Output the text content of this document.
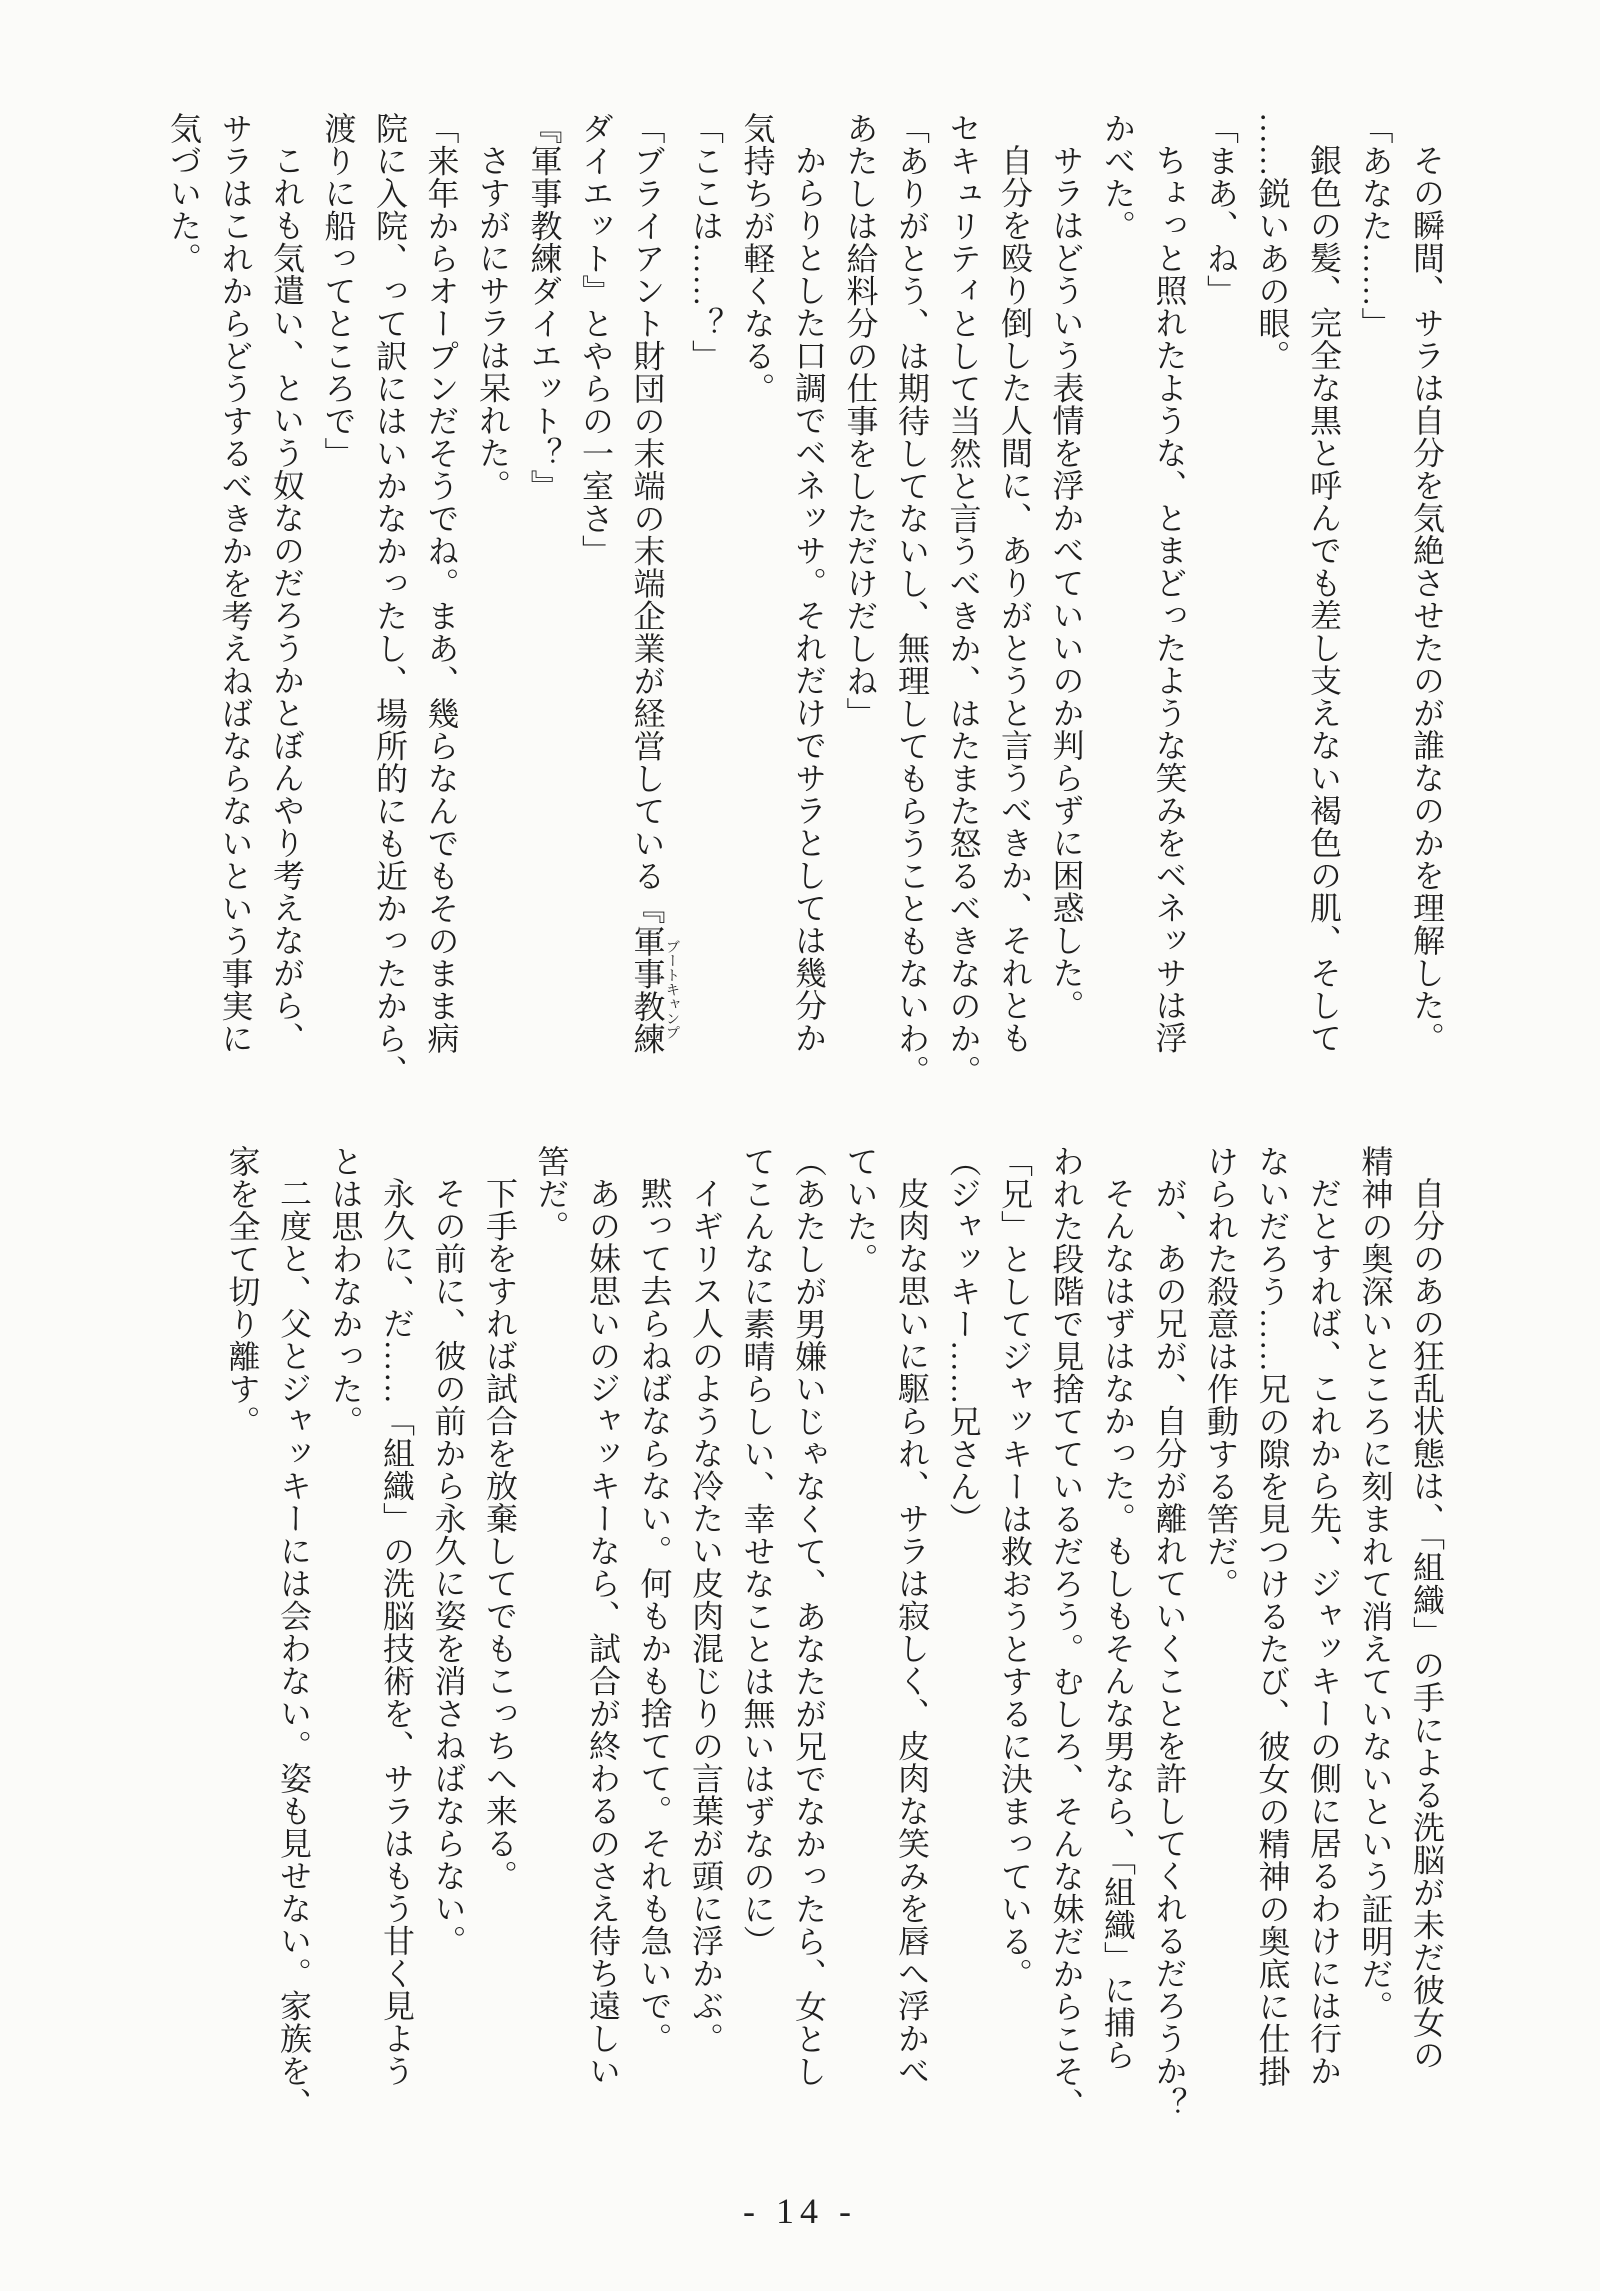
その瞬間、サラは自分を気絶させたのが誰なのかを理解した。
「あなた……」
銀色の髪、完全な黒と呼んでも差し支えない褐色の肌、そして
……鋭いあの眼。
「まあ、ね」
ちょっと照れたような、とまどったような笑みをベネッサは浮
かべた。
サラはどういう表情を浮かべていいのか判らずに困惑した。
自分を殴り倒した人間に、ありがとうと言うべきか、それとも
セキュリティとして当然と言うべきか、はたまた怒るべきなのか。
「ありがとう、は期待してないし、無理してもらうこともないわ。
あたしは給料分の仕事をしただけだしね」
からりとした口調でベネッサ。それだけでサラとしては幾分か
気持ちが軽くなる。
「ここは……？」
「ブライアント財団の末端の末端企業が経営している『軍事教練ブートキャンプ
ダイエット』とやらの一室さ」
『軍事教練ダイエット？』
さすがにサラは呆れた。
「来年からオープンだそうでね。まあ、幾らなんでもそのまま病
院に入院、って訳にはいかなかったし、場所的にも近かったから、
渡りに船ってところで」
これも気遣い、という奴なのだろうかとぼんやり考えながら、
サラはこれからどうするべきかを考えねばならないという事実に
気づいた。
自分のあの狂乱状態は、「組織」の手による洗脳が未だ彼女の
精神の奥深いところに刻まれて消えていないという証明だ。
だとすれば、これから先、ジャッキーの側に居るわけには行か
ないだろう……兄の隙を見つけるたび、彼女の精神の奥底に仕掛
けられた殺意は作動する筈だ。
が、あの兄が、自分が離れていくことを許してくれるだろうか？
そんなはずはなかった。もしもそんな男なら、「組織」に捕ら
われた段階で見捨てているだろう。むしろ、そんな妹だからこそ、
「兄」としてジャッキーは救おうとするに決まっている。
（ジャッキー……兄さん）
皮肉な思いに駆られ、サラは寂しく、皮肉な笑みを唇へ浮かべ
ていた。
（あたしが男嫌いじゃなくて、あなたが兄でなかったら、女とし
てこんなに素晴らしい、幸せなことは無いはずなのに）
イギリス人のような冷たい皮肉混じりの言葉が頭に浮かぶ。
黙って去らねばならない。何もかも捨てて。それも急いで。
あの妹思いのジャッキーなら、試合が終わるのさえ待ち遠しい
筈だ。
下手をすれば試合を放棄してでもこっちへ来る。
その前に、彼の前から永久に姿を消さねばならない。
永久に、だ……「組織」の洗脳技術を、サラはもう甘く見よう
とは思わなかった。
二度と、父とジャッキーには会わない。姿も見せない。家族を、
家を全て切り離す。
- 14 -
